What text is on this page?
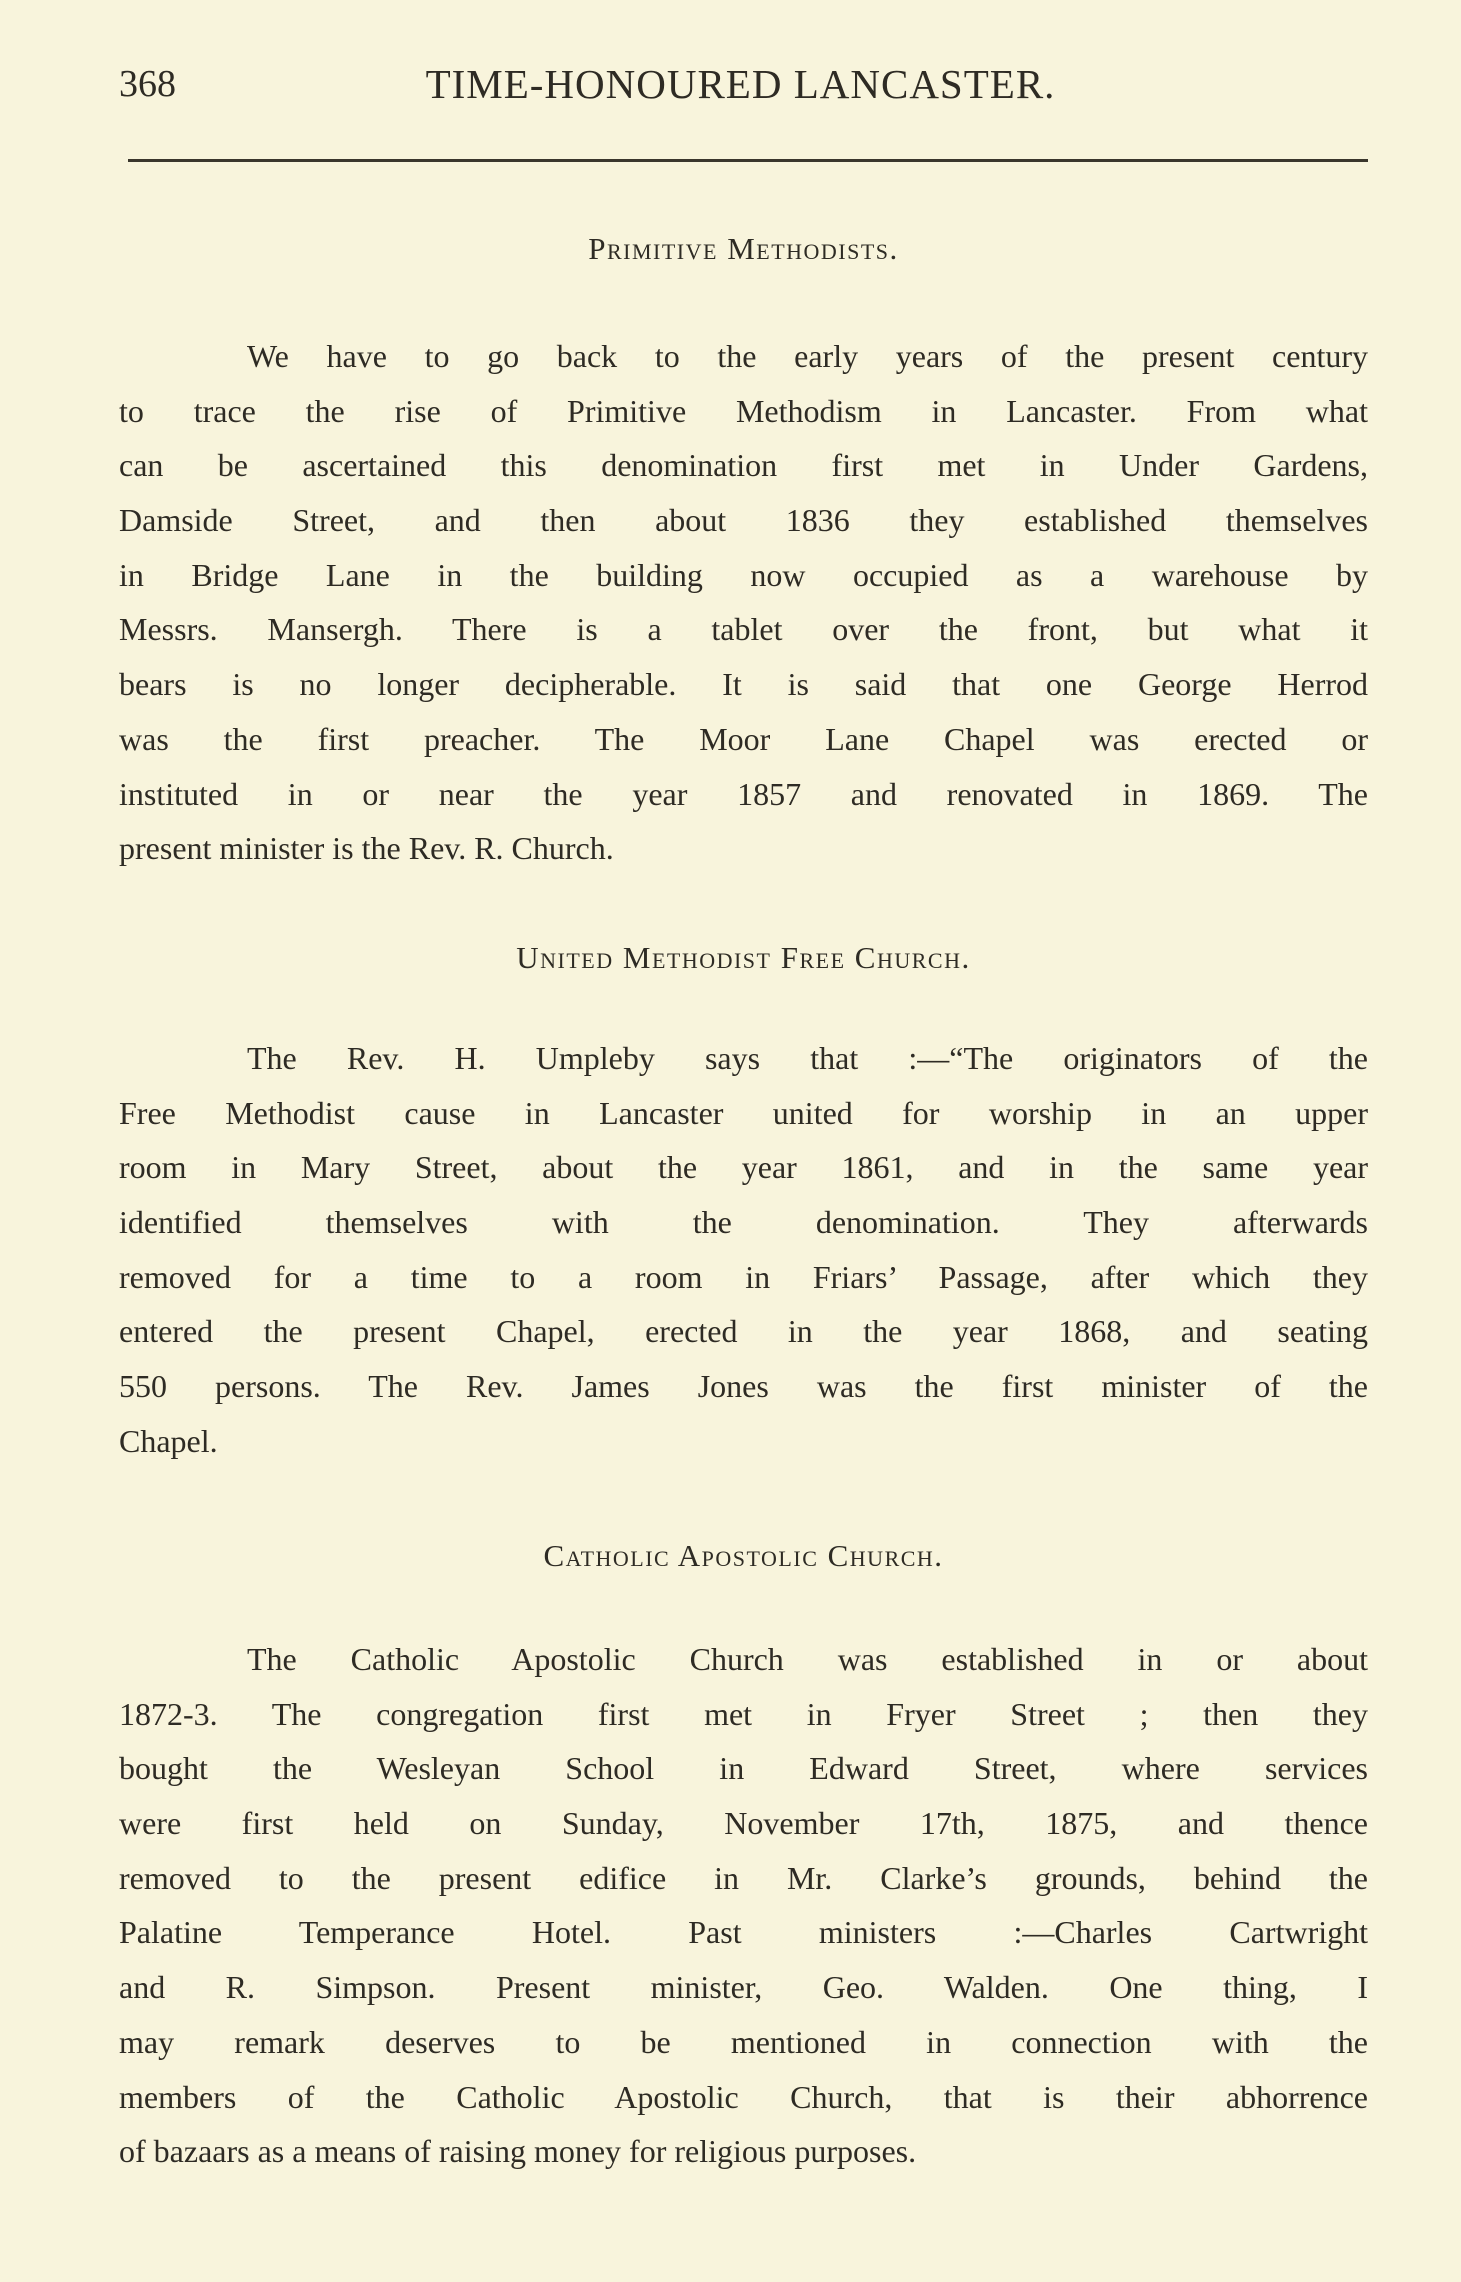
368	TIME-HONOURED LANCASTER.
Primitive Methodists.
We have to go back to the early years of the present century
to trace the rise of Primitive Methodism in Lancaster. From what
can be ascertained this denomination first met in Under Gardens,
Damside Street, and then about 1836 they established themselves
in Bridge Lane in the building now occupied as a warehouse by
Messrs. Mansergh. There is a tablet over the front, but what it
bears is no longer decipherable. It is said that one George Herrod
was the first preacher. The Moor Lane Chapel was erected or
instituted in or near the year 1857 and renovated in 1869. The
present minister is the Rev. R. Church.
United Methodist Free Church.
The Rev. H. Umpleby says that :—“The originators of the
Free Methodist cause in Lancaster united for worship in an upper
room in Mary Street, about the year 1861, and in the same year
identified themselves with the denomination. They afterwards
removed for a time to a room in Friars’ Passage, after which they
entered the present Chapel, erected in the year 1868, and seating
550 persons. The Rev. James Jones was the first minister of the
Chapel.
Catholic Apostolic Church.
The Catholic Apostolic Church was established in or about
1872-3. The congregation first met in Fryer Street ; then they
bought the Wesleyan School in Edward Street, where services
were first held on Sunday, November 17th, 1875, and thence
removed to the present edifice in Mr. Clarke’s grounds, behind the
Palatine Temperance Hotel. Past ministers :—Charles Cartwright
and R. Simpson. Present minister, Geo. Walden. One thing, I
may remark deserves to be mentioned in connection with the
members of the Catholic Apostolic Church, that is their abhorrence
of bazaars as a means of raising money for religious purposes.
